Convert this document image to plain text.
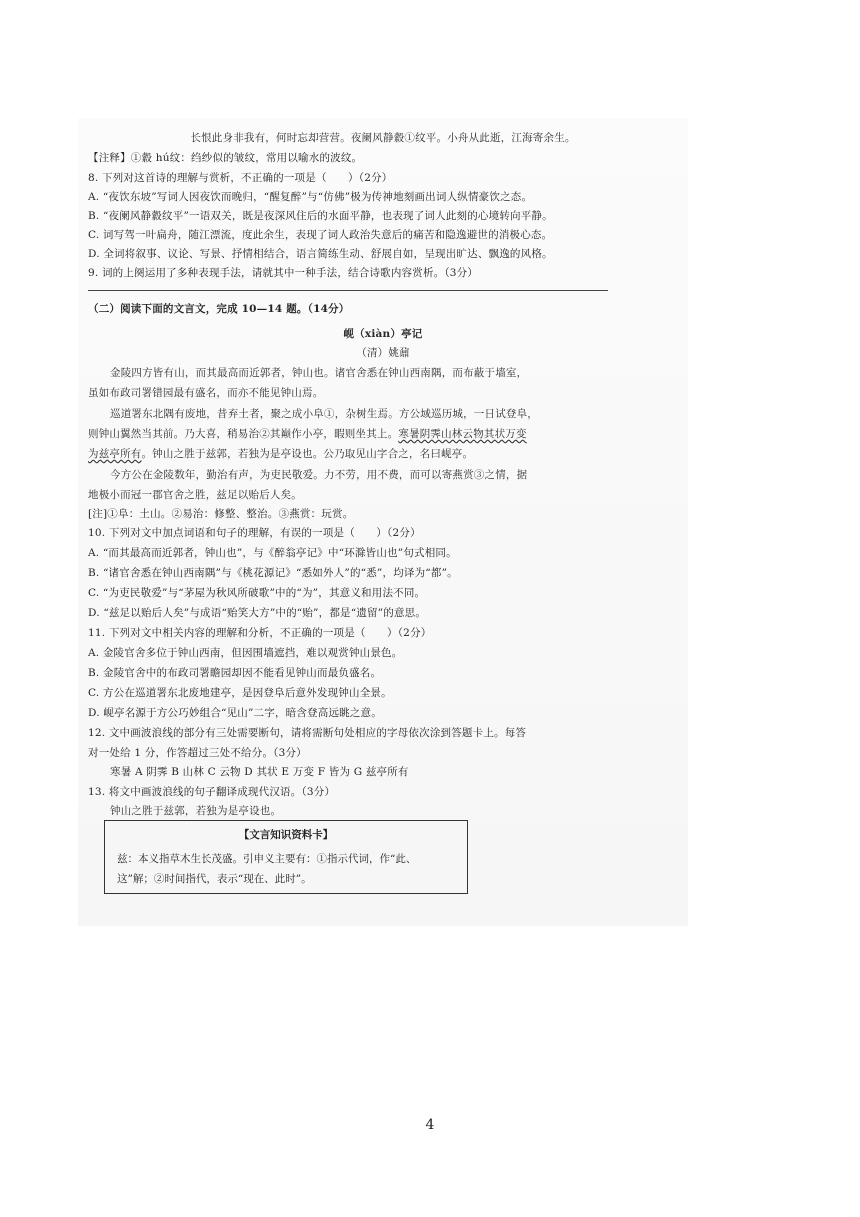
长恨此身非我有，何时忘却营营。夜阑风静縠①纹平。小舟从此逝，江海寄余生。
【注释】①縠 hú纹：绉纱似的皱纹，常用以喻水的波纹。
8. 下列对这首诗的理解与赏析，不正确的一项是（　　）（2分）
A. “夜饮东坡”写词人因夜饮而晚归，“醒复醉”与“仿佛”极为传神地刻画出词人纵情豪饮之态。
B. “夜阑风静縠纹平”一语双关，既是夜深风住后的水面平静，也表现了词人此刻的心境转向平静。
C. 词写驾一叶扁舟，随江漂流，度此余生，表现了词人政治失意后的痛苦和隐逸避世的消极心态。
D. 全词将叙事、议论、写景、抒情相结合，语言简练生动、舒展自如，呈现出旷达、飘逸的风格。
9. 词的上阕运用了多种表现手法，请就其中一种手法，结合诗歌内容赏析。（3分）
（二）阅读下面的文言文，完成 10—14 题。（14分）
岘（xiàn）亭记
（清）姚鼐
金陵四方皆有山，而其最高而近郭者，钟山也。诸官舍悉在钟山西南隅，而布蔽于墙室，
虽如布政司署错园最有盛名，而亦不能见钟山焉。
巡道署东北隅有废地，昔弃土者，聚之成小阜①，杂树生焉。方公域巡历城，一日试登阜，
则钟山翼然当其前。乃大喜，稍易治②其巅作小亭，暇则坐其上。寒暑阴霁山林云物其状万变
为兹亭所有。钟山之胜于兹郭，若独为是亭设也。公乃取见山字合之，名曰岘亭。
今方公在金陵数年，勤治有声，为吏民敬爱。力不劳，用不费，而可以寄燕赏③之情，据
地极小而冠一郡官舍之胜，兹足以贻后人矣。
[注]①阜：土山。②易治：修整、整治。③燕赏：玩赏。
10. 下列对文中加点词语和句子的理解，有误的一项是（　　）（2分）
A. “而其最高而近郭者，钟山也”，与《醉翁亭记》中“环滁皆山也”句式相同。
B. “诸官舍悉在钟山西南隅”与《桃花源记》“悉如外人”的“悉”，均译为“都”。
C. “为吏民敬爱”与“茅屋为秋风所破歌”中的“为”，其意义和用法不同。
D. “兹足以贻后人矣”与成语“贻笑大方”中的“贻”，都是“遗留”的意思。
11. 下列对文中相关内容的理解和分析，不正确的一项是（　　）（2分）
A. 金陵官舍多位于钟山西南，但因围墙遮挡，难以观赏钟山景色。
B. 金陵官舍中的布政司署瞻园却因不能看见钟山而最负盛名。
C. 方公在巡道署东北废地建亭，是因登阜后意外发现钟山全景。
D. 岘亭名源于方公巧妙组合“见山”二字，暗含登高远眺之意。
12. 文中画波浪线的部分有三处需要断句，请将需断句处相应的字母依次涂到答题卡上。每答
对一处给 1 分，作答超过三处不给分。（3分）
寒暑 A 阴霁 B 山林 C 云物 D 其状 E 万变 F 皆为 G 兹亭所有
13. 将文中画波浪线的句子翻译成现代汉语。（3分）
钟山之胜于兹郭，若独为是亭设也。
【文言知识资料卡】
兹：本义指草木生长茂盛。引申义主要有：①指示代词，作“此、
这”解；②时间指代，表示“现在、此时”。
4
